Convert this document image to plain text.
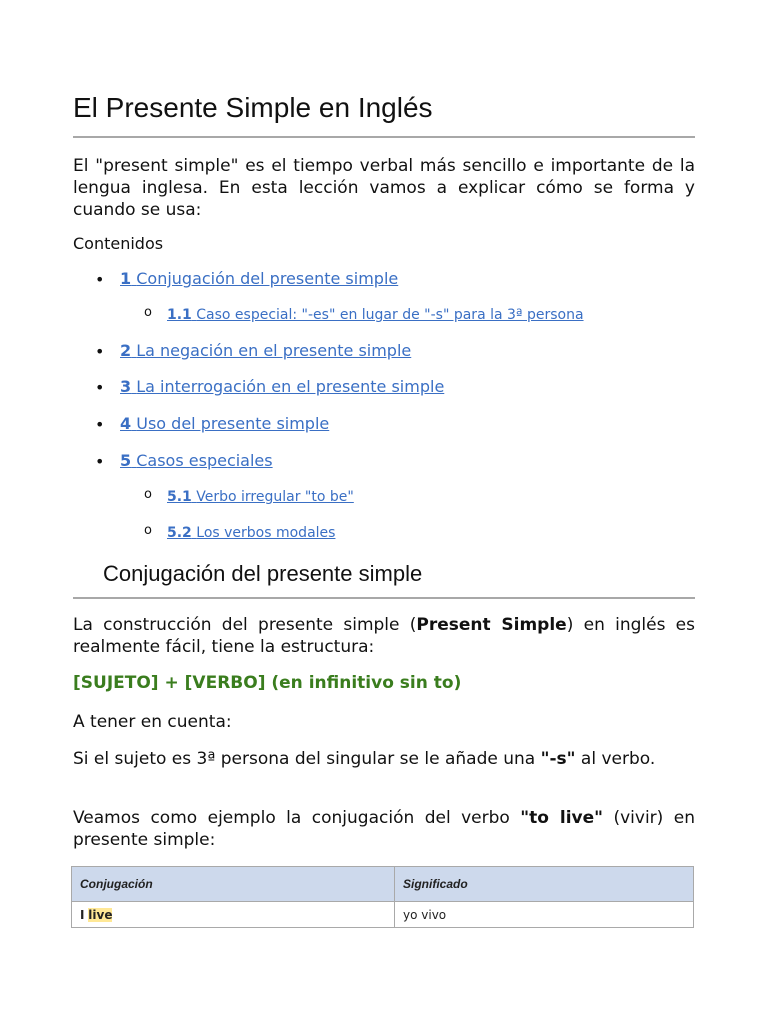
El Presente Simple en Inglés

El "present simple" es el tiempo verbal más sencillo e importante de la lengua inglesa. En esta lección vamos a explicar cómo se forma y cuando se usa:

Contenidos
• 1 Conjugación del presente simple
o 1.1 Caso especial: "-es" en lugar de "-s" para la 3ª persona
• 2 La negación en el presente simple
• 3 La interrogación en el presente simple
• 4 Uso del presente simple
• 5 Casos especiales
o 5.1 Verbo irregular "to be"
o 5.2 Los verbos modales
Conjugación del presente simple

La construcción del presente simple (Present Simple) en inglés es realmente fácil, tiene la estructura:

[SUJETO] + [VERBO] (en infinitivo sin to)

A tener en cuenta:

Si el sujeto es 3ª persona del singular se le añade una "-s" al verbo.

Veamos como ejemplo la conjugación del verbo "to live" (vivir) en presente simple:

Conjugación	Significado
I live	yo vivo
